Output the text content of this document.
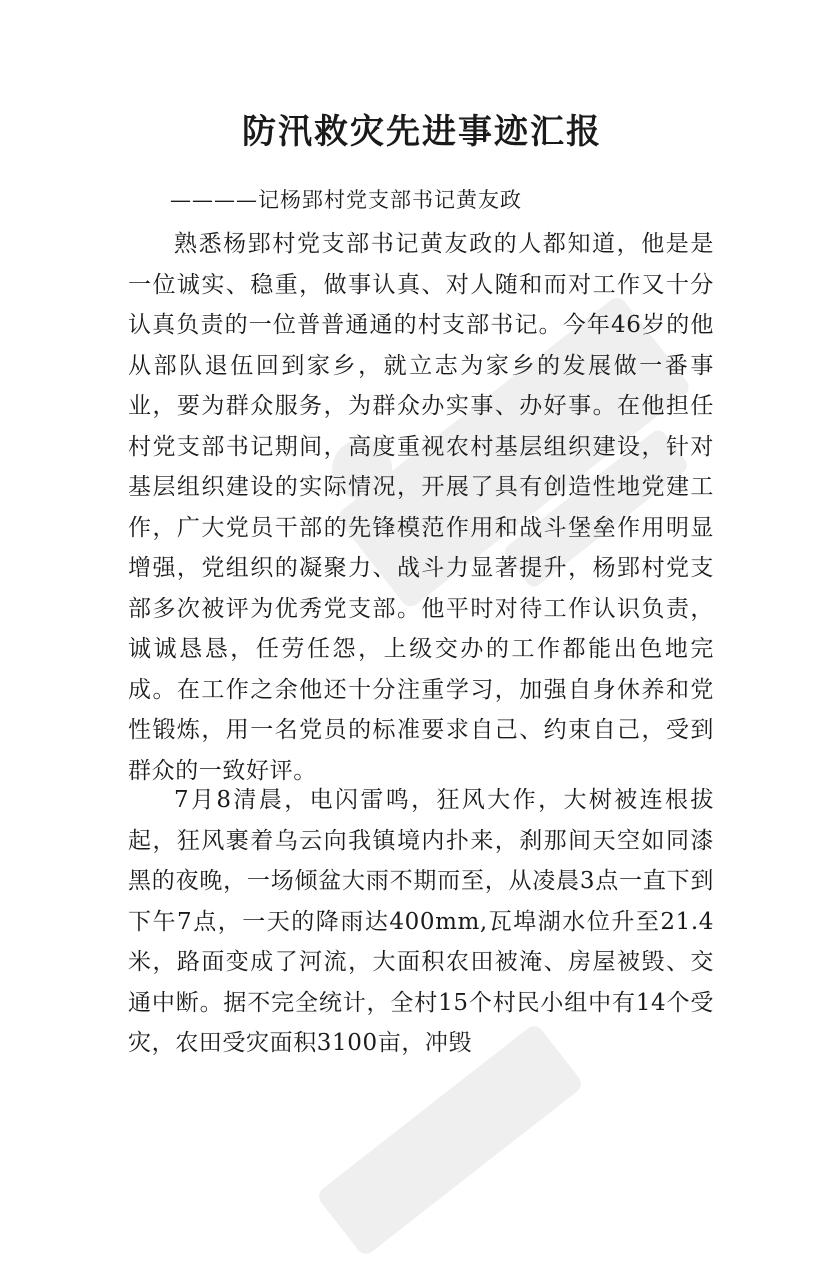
防汛救灾先进事迹汇报
————记杨郢村党支部书记黄友政

熟悉杨郢村党支部书记黄友政的人都知道，他是是一位诚实、稳重，做事认真、对人随和而对工作又十分认真负责的一位普普通通的村支部书记。今年46岁的他从部队退伍回到家乡，就立志为家乡的发展做一番事业，要为群众服务，为群众办实事、办好事。在他担任村党支部书记期间，高度重视农村基层组织建设，针对基层组织建设的实际情况，开展了具有创造性地党建工作，广大党员干部的先锋模范作用和战斗堡垒作用明显增强，党组织的凝聚力、战斗力显著提升，杨郢村党支部多次被评为优秀党支部。他平时对待工作认识负责，诚诚恳恳，任劳任怨，上级交办的工作都能出色地完成。在工作之余他还十分注重学习，加强自身休养和党性锻炼，用一名党员的标准要求自己、约束自己，受到群众的一致好评。

7月8清晨，电闪雷鸣，狂风大作，大树被连根拔起，狂风裹着乌云向我镇境内扑来，刹那间天空如同漆黑的夜晚，一场倾盆大雨不期而至，从凌晨3点一直下到下午7点，一天的降雨达400mm,瓦埠湖水位升至21.4米，路面变成了河流，大面积农田被淹、房屋被毁、交通中断。据不完全统计，全村15个村民小组中有14个受灾，农田受灾面积3100亩，冲毁
